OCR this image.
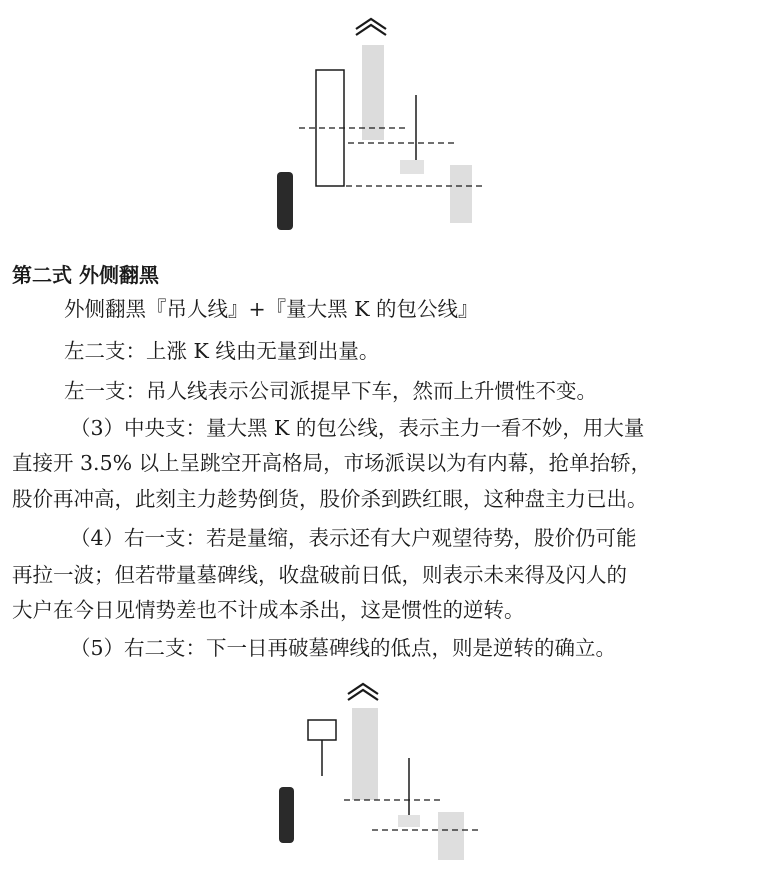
第二式 外侧翻黑
外侧翻黑『吊人线』+『量大黑 K 的包公线』
左二支：上涨 K 线由无量到出量。
左一支：吊人线表示公司派提早下车，然而上升惯性不变。
（3）中央支：量大黑 K 的包公线，表示主力一看不妙，用大量
直接开 3.5% 以上呈跳空开高格局，市场派误以为有内幕，抢单抬轿，
股价再冲高，此刻主力趁势倒货，股价杀到跌红眼，这种盘主力已出。
（4）右一支：若是量缩，表示还有大户观望待势，股价仍可能
再拉一波；但若带量墓碑线，收盘破前日低，则表示未来得及闪人的
大户在今日见情势差也不计成本杀出，这是惯性的逆转。
（5）右二支：下一日再破墓碑线的低点，则是逆转的确立。
